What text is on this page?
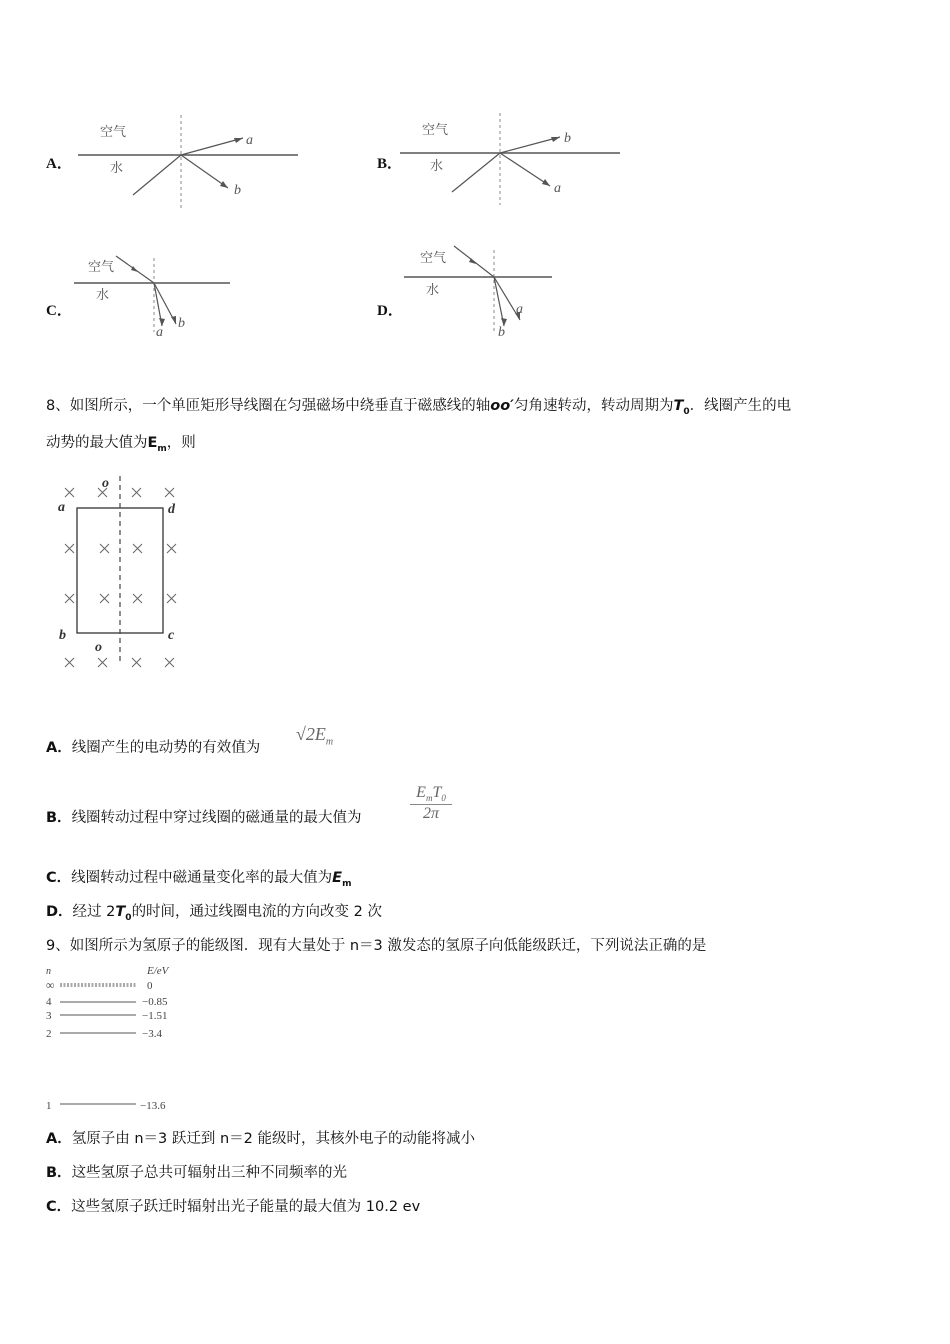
A．
空气
水
a
b
B．
空气
水
b
a
C．
空气
水
a
b
D．
空气
水
a
b
8、如图所示，一个单匝矩形导线圈在匀强磁场中绕垂直于磁感线的轴oo′匀角速转动，转动周期为$T_0$．线圈产生的电
动势的最大值为$E_m$，则
o
o
a	d
b	c
A．线圈产生的电动势的有效值为
$√2E_m$
B．线圈转动过程中穿过线圈的磁通量的最大值为
$E_mT_0$
2π
C．线圈转动过程中磁通量变化率的最大值为$E_m$
D．经过 $2T_0$的时间，通过线圈电流的方向改变 2 次
9、如图所示为氢原子的能级图．现有大量处于 n＝3 激发态的氢原子向低能级跃迁，下列说法正确的是
n	E/eV
∞	0
4	−0.85
3	−1.51
2	−3.4
1	−13.6
A．氢原子由 n＝3 跃迁到 n＝2 能级时，其核外电子的动能将减小
B．这些氢原子总共可辐射出三种不同频率的光
C．这些氢原子跃迁时辐射出光子能量的最大值为 10.2 ev
